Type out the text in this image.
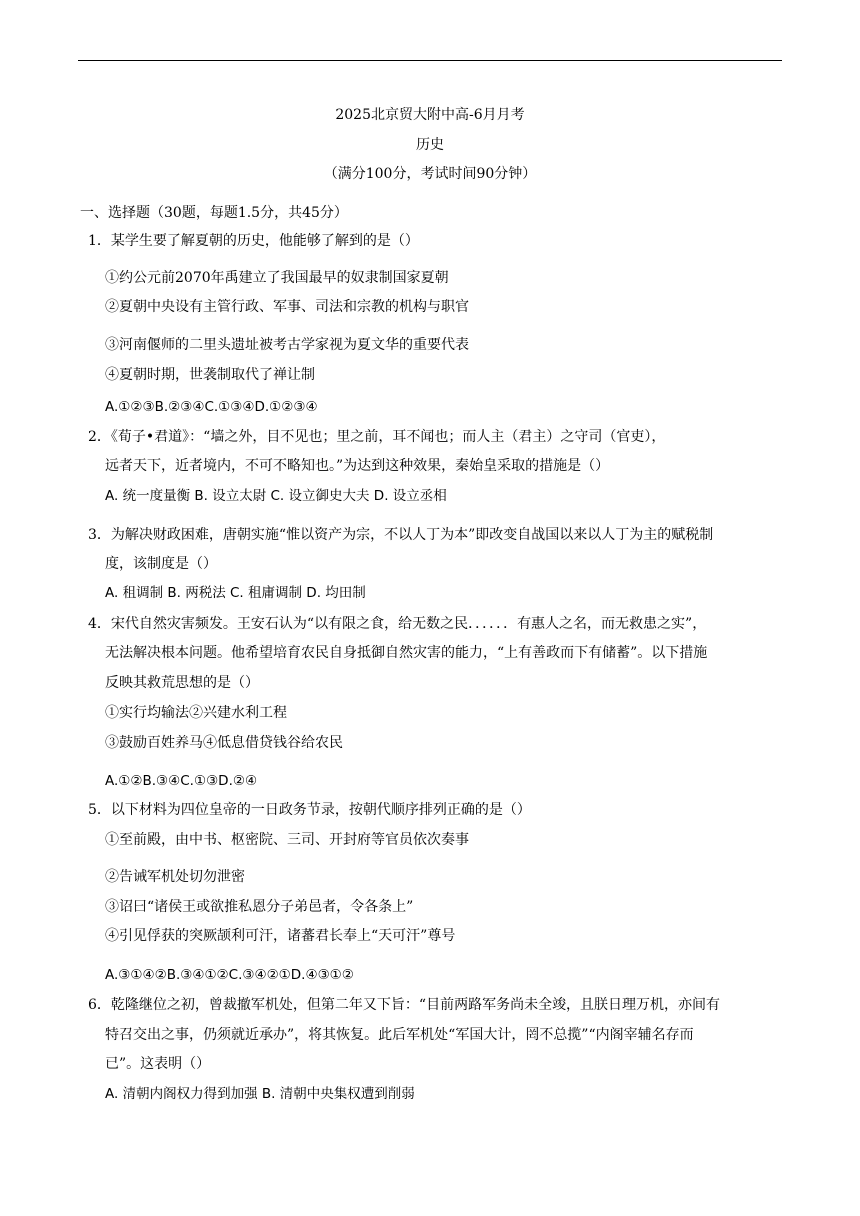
2025北京贸大附中高-6月月考
历史
（满分100分，考试时间90分钟）
一、选择题（30题，每题1.5分，共45分）
1．某学生要了解夏朝的历史，他能够了解到的是（）
①约公元前2070年禹建立了我国最早的奴隶制国家夏朝
②夏朝中央设有主管行政、军事、司法和宗教的机构与职官
③河南偃师的二里头遗址被考古学家视为夏文华的重要代表
④夏朝时期，世袭制取代了禅让制
A.①②③B.②③④C.①③④D.①②③④
2．《荀子•君道》：“墙之外，目不见也；里之前，耳不闻也；而人主（君主）之守司（官吏），
远者天下，近者境内，不可不略知也。”为达到这种效果，秦始皇采取的措施是（）
A. 统一度量衡 B. 设立太尉 C. 设立御史大夫 D. 设立丞相
3．为解决财政困难，唐朝实施“惟以资产为宗，不以人丁为本”即改变自战国以来以人丁为主的赋税制
度，该制度是（）
A. 租调制 B. 两税法 C. 租庸调制 D. 均田制
4．宋代自然灾害频发。王安石认为“以有限之食，给无数之民．．．．．．有惠人之名，而无救患之实”，
无法解决根本问题。他希望培育农民自身抵御自然灾害的能力，“上有善政而下有储蓄”。以下措施
反映其救荒思想的是（）
①实行均输法②兴建水利工程
③鼓励百姓养马④低息借贷钱谷给农民
A.①②B.③④C.①③D.②④
5．以下材料为四位皇帝的一日政务节录，按朝代顺序排列正确的是（）
①至前殿，由中书、枢密院、三司、开封府等官员依次奏事
②告诫军机处切勿泄密
③诏曰“诸侯王或欲推私恩分子弟邑者，令各条上”
④引见俘获的突厥颉利可汗，诸蕃君长奉上“天可汗”尊号
A.③①④②B.③④①②C.③④②①D.④③①②
6．乾隆继位之初，曾裁撤军机处，但第二年又下旨：“目前两路军务尚未全竣，且朕日理万机，亦间有
特召交出之事，仍须就近承办”，将其恢复。此后军机处“军国大计，罔不总揽”“内阁宰辅名存而
已”。这表明（）
A. 清朝内阁权力得到加强 B. 清朝中央集权遭到削弱
